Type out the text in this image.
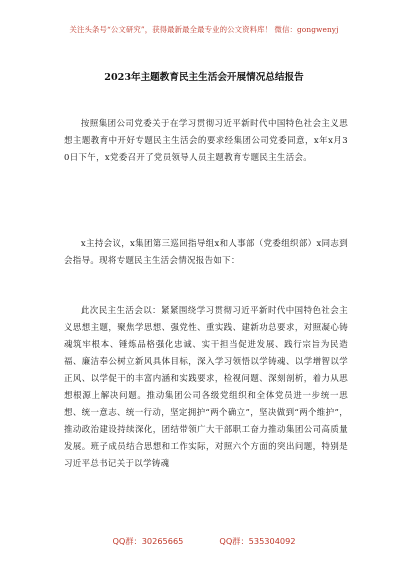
关注头条号“公文研究”，获得最新最全最专业的公文资料库！ 微信：gongwenyj
2023年主题教育民主生活会开展情况总结报告

按照集团公司党委关于在学习贯彻习近平新时代中国特色社会主义思想主题教育中开好专题民主生活会的要求经集团公司党委同意，x年x月30日下午，x党委召开了党员领导人员主题教育专题民主生活会。

x主持会议，x集团第三巡回指导组x和人事部（党委组织部）x同志到会指导。现将专题民主生活会情况报告如下：

此次民主生活会以：紧紧围绕学习贯彻习近平新时代中国特色社会主义思想主题，聚焦学思想、强党性、重实践、建新功总要求，对照凝心铸魂筑牢根本、锤炼品格强化忠诚、实干担当促进发展、践行宗旨为民造福、廉洁奉公树立新风具体目标，深入学习领悟以学铸魂、以学增智以学正风、以学促干的丰富内涵和实践要求，检视问题、深刻剖析，着力从思想根源上解决问题。推动集团公司各级党组织和全体党员进一步统一思想、统一意志、统一行动，坚定拥护“两个确立”，坚决做到“两个维护”，推动政治建设持续深化，团结带领广大干部职工奋力推动集团公司高质量发展。班子成员结合思想和工作实际，对照六个方面的突出问题，特别是习近平总书记关于以学铸魂

QQ群：30265665	QQ群：535304092
